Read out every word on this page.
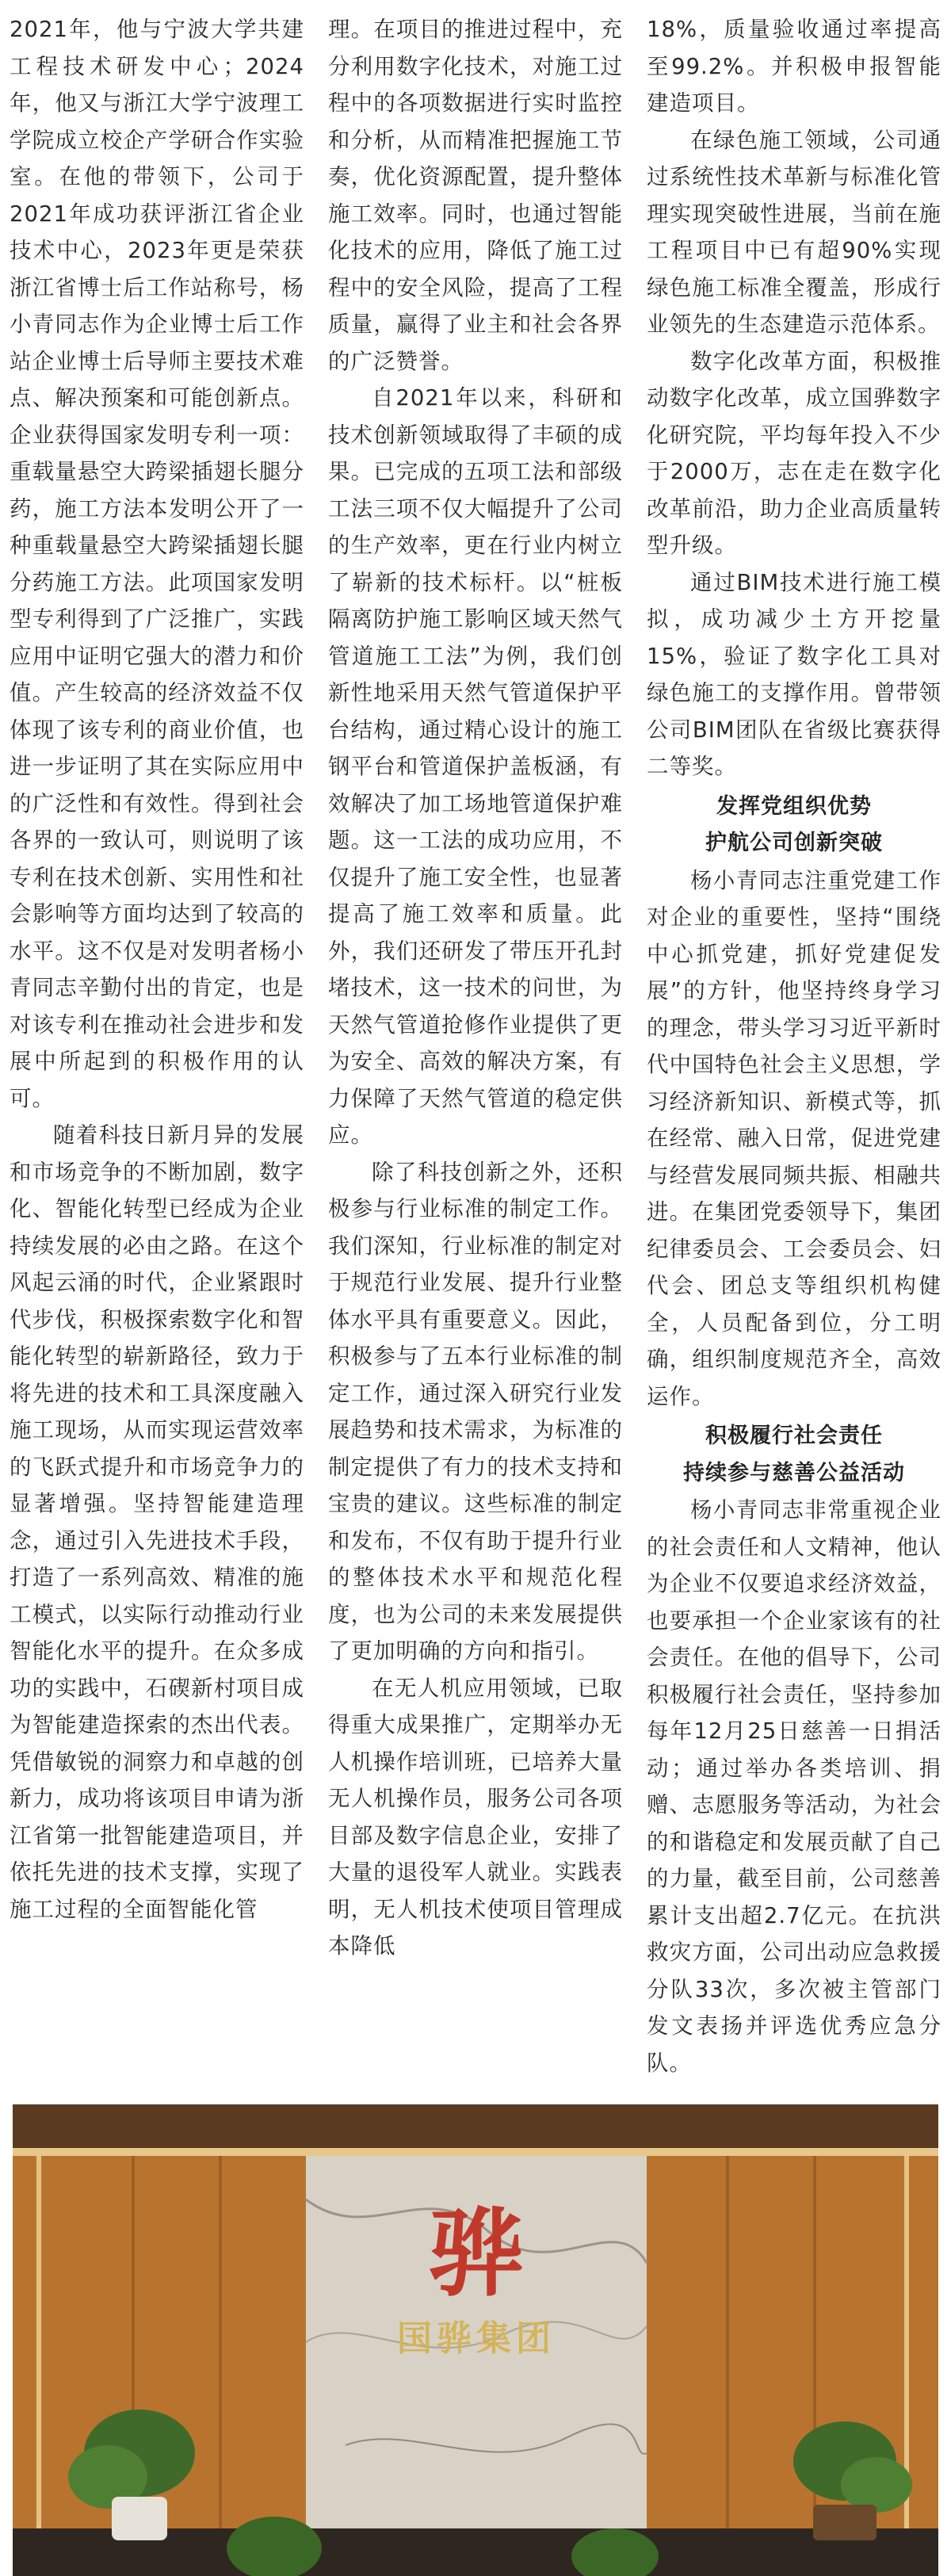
2021年，他与宁波大学共建工程技术研发中心；2024年，他又与浙江大学宁波理工学院成立校企产学研合作实验室。在他的带领下，公司于2021年成功获评浙江省企业技术中心，2023年更是荣获浙江省博士后工作站称号，杨小青同志作为企业博士后工作站企业博士后导师主要技术难点、解决预案和可能创新点。企业获得国家发明专利一项：重载量悬空大跨梁插翅长腿分药，施工方法本发明公开了一种重载量悬空大跨梁插翅长腿分药施工方法。此项国家发明型专利得到了广泛推广，实践应用中证明它强大的潜力和价值。产生较高的经济效益不仅体现了该专利的商业价值，也进一步证明了其在实际应用中的广泛性和有效性。得到社会各界的一致认可，则说明了该专利在技术创新、实用性和社会影响等方面均达到了较高的水平。这不仅是对发明者杨小青同志辛勤付出的肯定，也是对该专利在推动社会进步和发展中所起到的积极作用的认可。

随着科技日新月异的发展和市场竞争的不断加剧，数字化、智能化转型已经成为企业持续发展的必由之路。在这个风起云涌的时代，企业紧跟时代步伐，积极探索数字化和智能化转型的崭新路径，致力于将先进的技术和工具深度融入施工现场，从而实现运营效率的飞跃式提升和市场竞争力的显著增强。坚持智能建造理念，通过引入先进技术手段，打造了一系列高效、精准的施工模式，以实际行动推动行业智能化水平的提升。在众多成功的实践中，石碶新村项目成为智能建造探索的杰出代表。凭借敏锐的洞察力和卓越的创新力，成功将该项目申请为浙江省第一批智能建造项目，并依托先进的技术支撑，实现了施工过程的全面智能化管

理。在项目的推进过程中，充分利用数字化技术，对施工过程中的各项数据进行实时监控和分析，从而精准把握施工节奏，优化资源配置，提升整体施工效率。同时，也通过智能化技术的应用，降低了施工过程中的安全风险，提高了工程质量，赢得了业主和社会各界的广泛赞誉。

自2021年以来，科研和技术创新领域取得了丰硕的成果。已完成的五项工法和部级工法三项不仅大幅提升了公司的生产效率，更在行业内树立了崭新的技术标杆。以“桩板隔离防护施工影响区域天然气管道施工工法”为例，我们创新性地采用天然气管道保护平台结构，通过精心设计的施工钢平台和管道保护盖板涵，有效解决了加工场地管道保护难题。这一工法的成功应用，不仅提升了施工安全性，也显著提高了施工效率和质量。此外，我们还研发了带压开孔封堵技术，这一技术的问世，为天然气管道抢修作业提供了更为安全、高效的解决方案，有力保障了天然气管道的稳定供应。

除了科技创新之外，还积极参与行业标准的制定工作。我们深知，行业标准的制定对于规范行业发展、提升行业整体水平具有重要意义。因此，积极参与了五本行业标准的制定工作，通过深入研究行业发展趋势和技术需求，为标准的制定提供了有力的技术支持和宝贵的建议。这些标准的制定和发布，不仅有助于提升行业的整体技术水平和规范化程度，也为公司的未来发展提供了更加明确的方向和指引。

在无人机应用领域，已取得重大成果推广，定期举办无人机操作培训班，已培养大量无人机操作员，服务公司各项目部及数字信息企业，安排了大量的退役军人就业。实践表明，无人机技术使项目管理成本降低

18%，质量验收通过率提高至99.2%。并积极申报智能建造项目。

在绿色施工领域，公司通过系统性技术革新与标准化管理实现突破性进展，当前在施工程项目中已有超90%实现绿色施工标准全覆盖，形成行业领先的生态建造示范体系。

数字化改革方面，积极推动数字化改革，成立国骅数字化研究院，平均每年投入不少于2000万，志在走在数字化改革前沿，助力企业高质量转型升级。

通过BIM技术进行施工模拟，成功减少土方开挖量15%，验证了数字化工具对绿色施工的支撑作用。曾带领公司BIM团队在省级比赛获得二等奖。

发挥党组织优势
护航公司创新突破

杨小青同志注重党建工作对企业的重要性，坚持“围绕中心抓党建，抓好党建促发展”的方针，他坚持终身学习的理念，带头学习习近平新时代中国特色社会主义思想，学习经济新知识、新模式等，抓在经常、融入日常，促进党建与经营发展同频共振、相融共进。在集团党委领导下，集团纪律委员会、工会委员会、妇代会、团总支等组织机构健全，人员配备到位，分工明确，组织制度规范齐全，高效运作。

积极履行社会责任
持续参与慈善公益活动

杨小青同志非常重视企业的社会责任和人文精神，他认为企业不仅要追求经济效益，也要承担一个企业家该有的社会责任。在他的倡导下，公司积极履行社会责任，坚持参加每年12月25日慈善一日捐活动；通过举办各类培训、捐赠、志愿服务等活动，为社会的和谐稳定和发展贡献了自己的力量，截至目前，公司慈善累计支出超2.7亿元。在抗洪救灾方面，公司出动应急救援分队33次，多次被主管部门发文表扬并评选优秀应急分队。

骅
国骅集团
